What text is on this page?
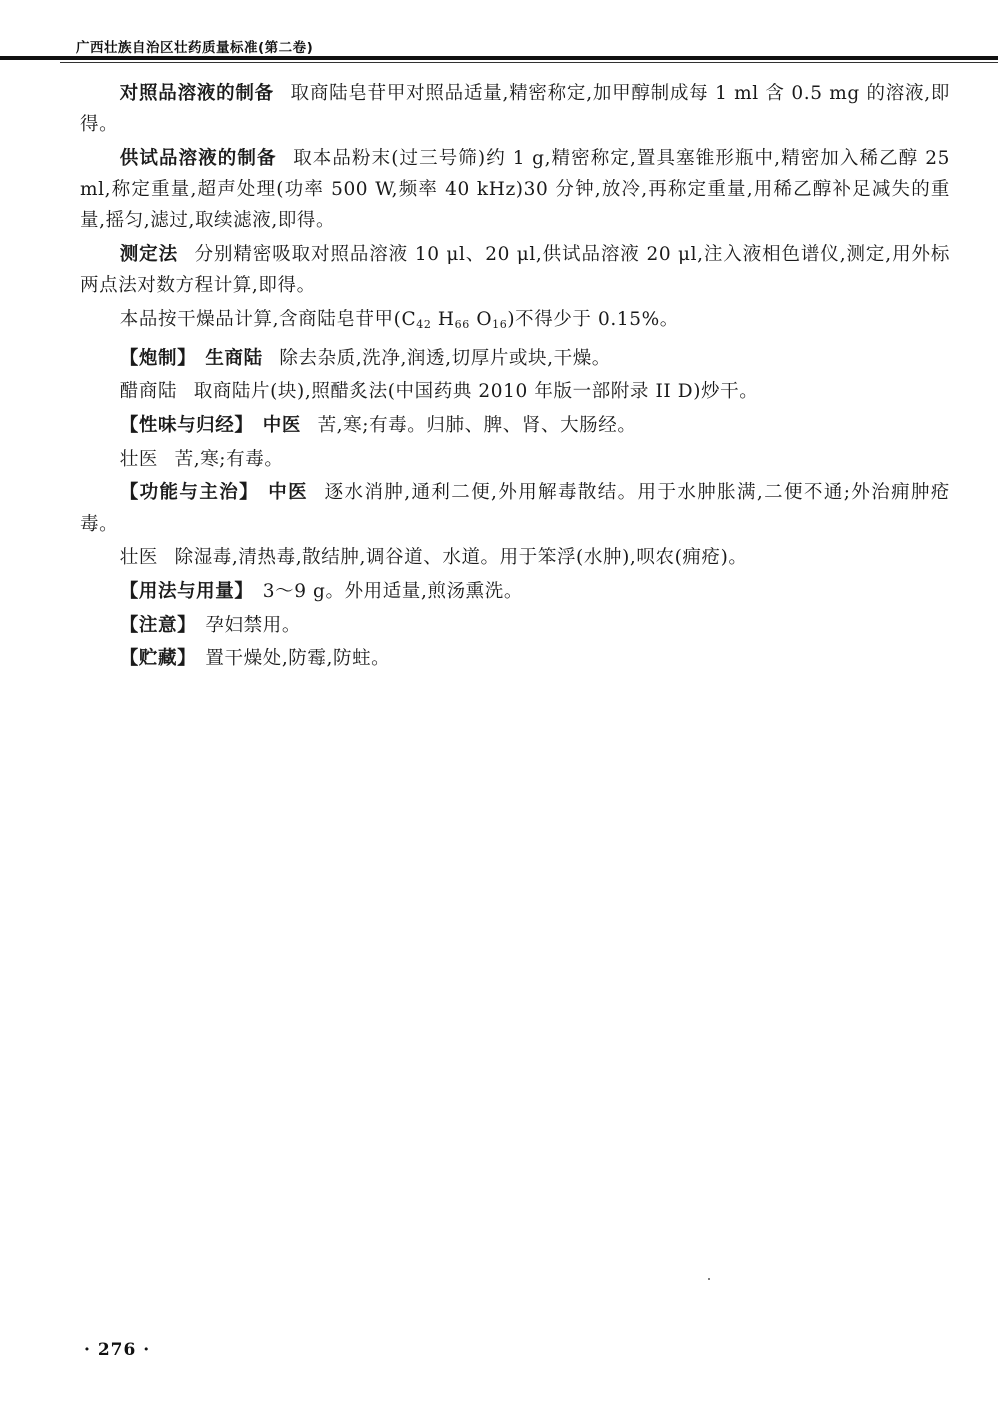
广西壮族自治区壮药质量标准(第二卷)

对照品溶液的制备 取商陆皂苷甲对照品适量,精密称定,加甲醇制成每 1 ml 含 0.5 mg 的溶液,即得。

供试品溶液的制备 取本品粉末(过三号筛)约 1 g,精密称定,置具塞锥形瓶中,精密加入稀乙醇 25 ml,称定重量,超声处理(功率 500 W,频率 40 kHz)30 分钟,放冷,再称定重量,用稀乙醇补足减失的重量,摇匀,滤过,取续滤液,即得。

测定法 分别精密吸取对照品溶液 10 μl、20 μl,供试品溶液 20 μl,注入液相色谱仪,测定,用外标两点法对数方程计算,即得。

本品按干燥品计算,含商陆皂苷甲($C_{42}$ $H_{66}$ $O_{16}$)不得少于 0.15%。

【炮制】 生商陆 除去杂质,洗净,润透,切厚片或块,干燥。

醋商陆 取商陆片(块),照醋炙法(中国药典 2010 年版一部附录 II D)炒干。

【性味与归经】 中医 苦,寒;有毒。归肺、脾、肾、大肠经。

壮医 苦,寒;有毒。

【功能与主治】 中医 逐水消肿,通利二便,外用解毒散结。用于水肿胀满,二便不通;外治痈肿疮毒。

壮医 除湿毒,清热毒,散结肿,调谷道、水道。用于笨浮(水肿),呗农(痈疮)。

【用法与用量】 3～9 g。外用适量,煎汤熏洗。

【注意】 孕妇禁用。

【贮藏】 置干燥处,防霉,防蛀。

· 276 ·
